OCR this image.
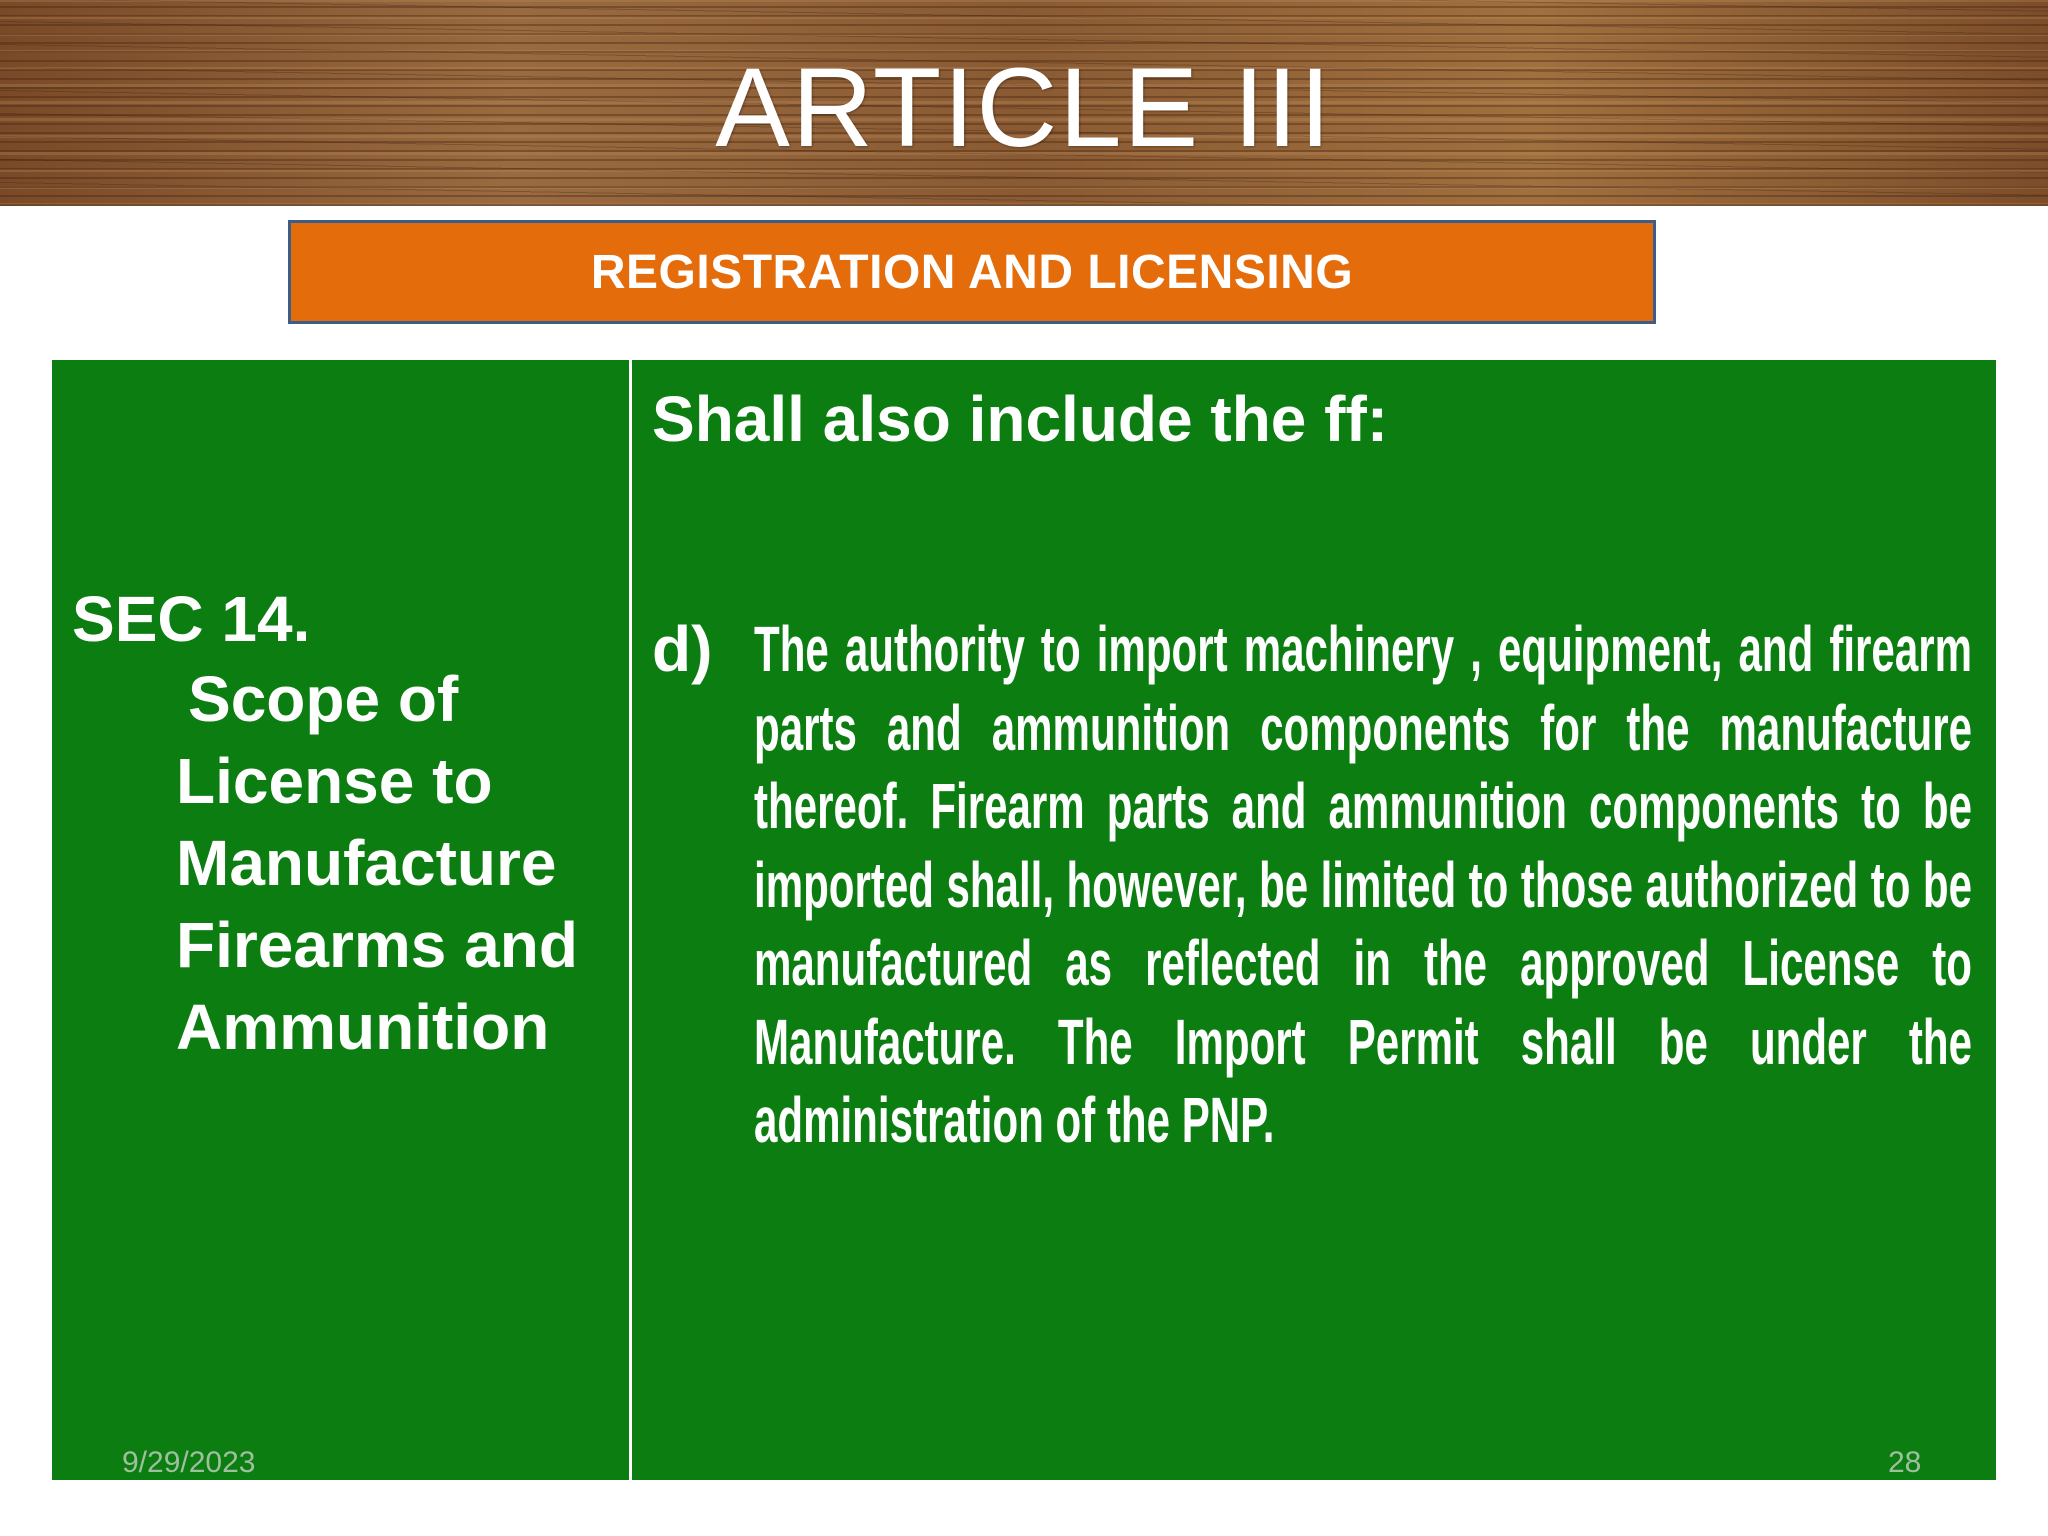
ARTICLE III
REGISTRATION AND LICENSING
SEC 14.
Scope of
License to
Manufacture
Firearms and
Ammunition
Shall also include the ff:
d) The authority to import machinery , equipment, and firearm parts and ammunition components for the manufacture thereof. Firearm parts and ammunition components to be imported shall, however, be limited to those authorized to be manufactured as reflected in the approved License to Manufacture. The Import Permit shall be under the administration of the PNP.
9/29/2023	28
